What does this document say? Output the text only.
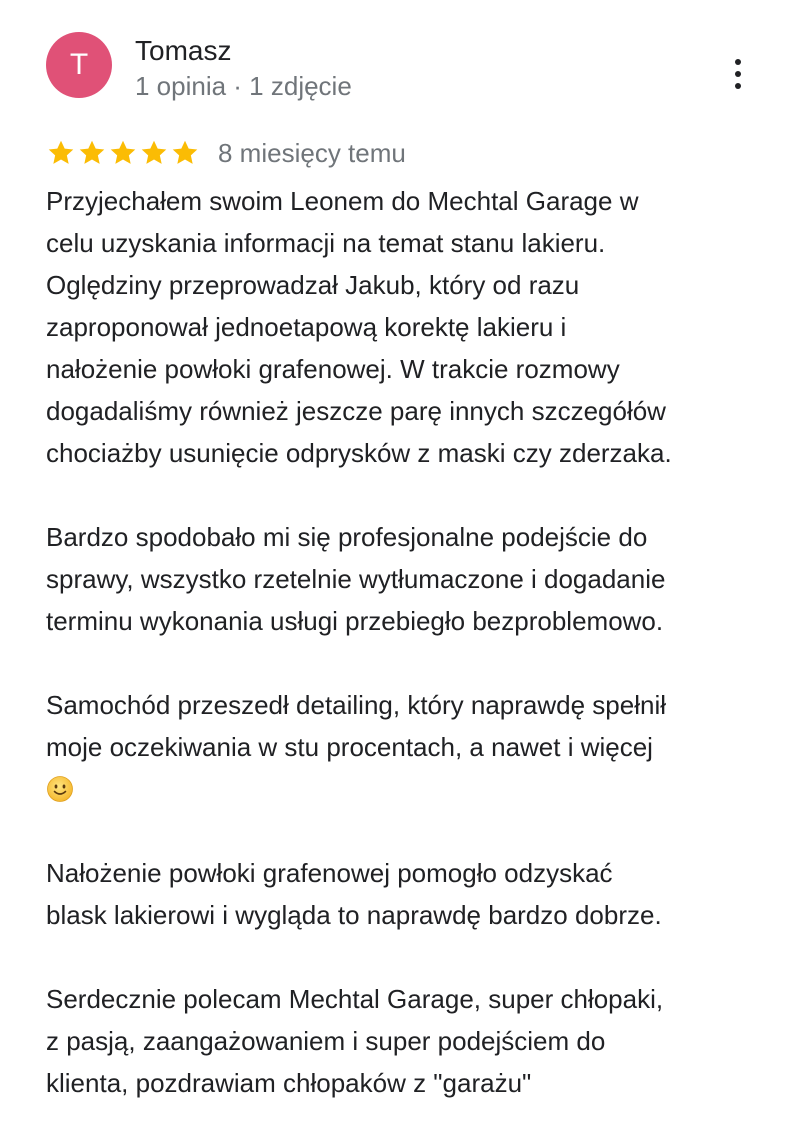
T	Tomasz
1 opinia · 1 zdjęcie
8 miesięcy temu
Przyjechałem swoim Leonem do Mechtal Garage w
celu uzyskania informacji na temat stanu lakieru.
Oględziny przeprowadzał Jakub, który od razu
zaproponował jednoetapową korektę lakieru i
nałożenie powłoki grafenowej. W trakcie rozmowy
dogadaliśmy również jeszcze parę innych szczegółów
chociażby usunięcie odprysków z maski czy zderzaka.
Bardzo spodobało mi się profesjonalne podejście do
sprawy, wszystko rzetelnie wytłumaczone i dogadanie
terminu wykonania usługi przebiegło bezproblemowo.
Samochód przeszedł detailing, który naprawdę spełnił
moje oczekiwania w stu procentach, a nawet i więcej
Nałożenie powłoki grafenowej pomogło odzyskać
blask lakierowi i wygląda to naprawdę bardzo dobrze.
Serdecznie polecam Mechtal Garage, super chłopaki,
z pasją, zaangażowaniem i super podejściem do
klienta, pozdrawiam chłopaków z "garażu"
